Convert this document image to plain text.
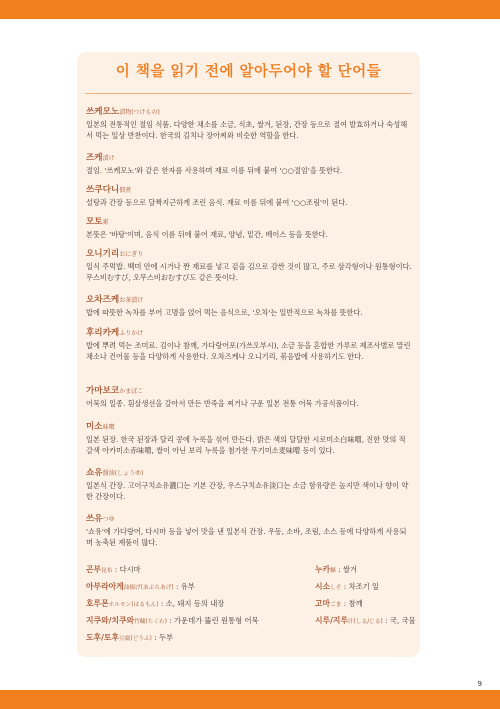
이 책을 읽기 전에 알아두어야 할 단어들
쓰케모노漬物(つけもの)
일본의 전통적인 절임 식품. 다양한 채소를 소금, 식초, 쌀겨, 된장, 간장 등으로 절여 발효하거나 숙성해서 먹는 일상 반찬이다. 한국의 김치나 장아찌와 비슷한 역할을 한다.
즈케漬け
절임. '쓰케모노'와 같은 한자를 사용하며 재료 이름 뒤에 붙여 '○○절임'을 뜻한다.
쓰쿠다니佃煮
설탕과 간장 등으로 달짝지근하게 조린 음식. 재료 이름 뒤에 붙여 '○○조림'이 된다.
모토素
본뜻은 '바탕'이며, 음식 이름 뒤에 붙어 재료, 양념, 밑간, 베이스 등을 뜻한다.
오니기리おにぎり
일식 주먹밥. 백미 안에 시거나 짠 재료를 넣고 겉을 김으로 감싼 것이 많고, 주로 삼각형이나 원통형이다. 무스비むすび, 오무스비おむすび도 같은 뜻이다.
오차즈케お茶漬け
밥에 따뜻한 녹차를 부어 고명을 얹어 먹는 음식으로, '오차'는 일반적으로 녹차를 뜻한다.
후리카케ふりかけ
밥에 뿌려 먹는 조미료. 김이나 참깨, 가다랑어포(가쓰오부시), 소금 등을 혼합한 가루로 제조사별로 말린 채소나 건어물 등을 다양하게 사용한다. 오차즈케나 오니기리, 볶음밥에 사용하기도 한다.
가마보코かまぼこ
어묵의 일종. 흰살생선을 갈아서 만든 반죽을 찌거나 구운 일본 전통 어묵 가공식품이다.
미소味噌
일본 된장. 한국 된장과 달리 콩에 누룩을 섞어 만든다. 밝은 색의 달달한 시로미소白味噌, 진한 맛의 적갈색 아카미소赤味噌, 쌀이 아닌 보리 누룩을 첨가한 무기미소麦味噌 등이 있다.
쇼유醤油(しょうゆ)
일본식 간장. 고이구치쇼유濃口는 기본 간장, 우스구치쇼유淡口는 소금 함유량은 높지만 색이나 향이 약한 간장이다.
쓰유つゆ
'쇼유'에 가다랑어, 다시마 등을 넣어 맛을 낸 일본식 간장. 우동, 소바, 조림, 소스 등에 다양하게 사용되며 농축된 제품이 많다.
곤부昆布 : 다시마
아부라아게油揚げ(あぶらあげ) : 유부
호루몬ホルモン(はるもん) : 소, 돼지 등의 내장
지쿠와/치쿠와竹輪(ちくわ) : 가운데가 뚫린 원통형 어묵
도후/토후豆腐(どうふ) : 두부
누카糠 : 쌀겨
시소しそ : 차조기 잎
고마ごま : 참깨
시루/지루汁(しる/じる) : 국, 국물
9
